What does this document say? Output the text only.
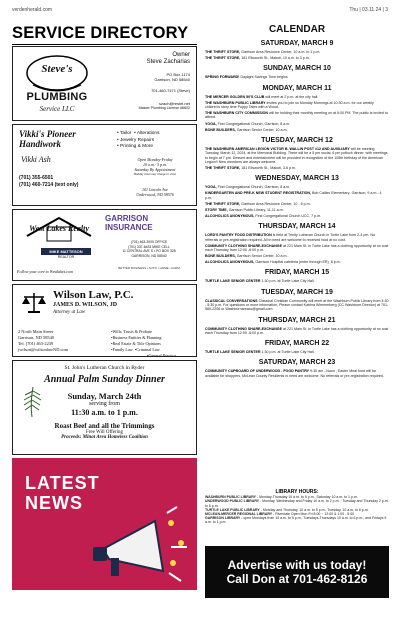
verdenherald.com	Thu | 03.11.24 | 3
SERVICE DIRECTORY
Steve's
PLUMBING
Service LLC
Owner
Steve Zacharias
PO Box 1174
Garrison, ND 58540
701-460-7471 (Steve)
szach@restel.net
Master Plumbing License #6602
Vikki's Pioneer Handiwork
Vikki Ash
(701) 355-6501
(701) 460-7214 (text only)
• Tailor  • Alterations
• Jewelry Repairs
• Printing & More
Open Monday-Friday
10 a.m.- 5 p.m.
Saturday By Appointment
Holiday times may change or close
101 Lincoln Ave
Underwood, ND 58576
West Lakes Realty
MIKE MATTESON
REALTOR
Follow your core to Westlakes.com
GARRISON INSURANCE
(701) 463-2000 OFFICE
(701) 337-6433 MIKE CELL
11 CENTRAL AVE S • PO BOX 328
GARRISON, ND 58540
BETTER BUSINESS • AUTO • HOME • FARM
Wilson Law, P.C.
JAMES D. WILSON, JD
Attorney at Law
2 North Main Street
Garrison, ND 58540
Tel. (701) 463-2239
jwilson@wilsonlawND.com
•Wills, Trusts & Probate
•Business Entities & Planning
•Real Estate & Title Opinions
•Family Law  •Criminal Law
•General Practice
St. John's Lutheran Church in Ryder
Annual Palm Sunday Dinner
Sunday, March 24th
serving from
11:30 a.m. to 1 p.m.
Roast Beef and all the Trimmings
Free Will Offering
Proceeds: Minot Area Homeless Coalition
LATEST
NEWS
CALENDAR
SATURDAY, MARCH 9
THE THRIFT STORE, Garrison Area Resource Center, 10 a.m. to 1 p.m.
THE THRIFT STORE, 181 Ellsworth St., Makoti, 10 a.m. to 3 p.m.
SUNDAY, MARCH 10
SPRING FORWARD! Daylight Savings Time begins
MONDAY, MARCH 11
THE MERCER GOLDEN 50'S CLUB will meet at 2 p.m. at the city hall.
THE WASHBURN PUBLIC LIBRARY invites you to join us Monday Mornings at 10:30 a.m. for our weekly children's story time Puppy Tales with a Wood.
THE WASHBURN CITY COMMISSION will be holding their monthly meeting on at 6:00 PM. The public is invited to attend.
YOGA, First Congregational Church, Garrison, 8 a.m.
BONE BUILDERS, Garrison Senior Center, 10 a.m.
TUESDAY, MARCH 12
THE WASHBURN AMERICAN LEGION VICTOR B. WALLIN POST #12 AND AUXILIARY will be meeting Tuesday, March 12, 2024, at the Memorial Building. There will be a 5 pm social, 6 pm potluck dinner, with meetings to begin at 7 pm. Dessert and entertainment will be provided in recognition of the 105th birthday of the American Legion!! New members are always welcome.
THE THRIFT STORE, 181 Ellsworth St., Makoti, 3-6 p.m.
WEDNESDAY, MARCH 13
YOGA, First Congregational Church, Garrison, 8 a.m.
KINDERGARTEN AND PRE-K NEW STUDENT REGISTRATION, Bob Callies Elementary- Garrison, 9 a.m.- 4 p.m.
THE THRIFT STORE, Garrison Area Resource Center, 10 - 6 p.m.
STORY TIME, Garrison Public Library, 11-11 a.m.
ALCOHOLICS ANONYMOUS, First Congregational Church UCC, 7 p.m.
THURSDAY, MARCH 14
LORD'S PANTRY FOOD DISTRIBUTION is held at Trinity Lutheran Church in Turtle Lake from 2-4 pm. No referrals or pre-registration required. All in need are welcome to received food at no cost.
COMMUNITY CLOTHING SHARE-EXCHANGE at 221 Main St. in Turtle Lake has a clothing opportunity at no cost each Thursday from 12:00 -6:00 p.m.
BONE BUILDERS, Garrison Senior Center, 10 a.m.
ALCOHOLICS ANONYMOUS, Garrison Hospital cafeteria (enter through ER), 8 p.m.
FRIDAY, MARCH 15
TURTLE LAKE SENIOR CENTER 1:30 p.m. at Turtle Lake City Hall.
TUESDAY, MARCH 19
CLASSICAL CONVERSATIONS Classical Christian Community will meet at the Washburn Public Library from 4:30 - 5:30 p.m. For questions or more information, Please contact Katrina Wimmerberg (CC Washburn Director) at 701-989-2206 or Washburnareacc@gmail.com
THURSDAY, MARCH 21
COMMUNITY CLOTHING SHARE-EXCHANGE at 221 Main St. in Turtle Lake has a clothing opportunity at no cost each Thursday from 12:00 -6:00 p.m.
FRIDAY, MARCH 22
TURTLE LAKE SENIOR CENTER 1:30 p.m. at Turtle Lake City Hall.
SATURDAY, MARCH 23
COMMUNITY CUPBOARD OF UNDERWOOD - FOOD PANTRY 9:30 am - Noon ; Easter Meal food will be available for shoppers. McLean County Residents in need are welcome. No referrals or pre-registration required.
LIBRARY HOURS:
WASHBURN PUBLIC LIBRARY - Monday-Thursday 10 a.m. to 6 p.m., Saturday 10 a.m. to 1 p.m.
UNDERWOOD PUBLIC LIBRARY - Monday, Wednesday and Friday 10 a.m. to 2 p.m. ; Tuesday and Thursday 2 p.m. to 6 p.m.
TURTLE LAKE PUBLIC LIBRARY - Monday and Thursday, 10 a.m. to 5 p.m.; Tuesday, 10 a.m. to 6 p.m.
MCLEAN-MERCER REGIONAL LIBRARY - Riverdale Open Mon-Fri 8:00 ~ 12:00 & 1:00 - 5:00
GARRISON LIBRARY - open Mondays from 10 a.m. to 5 p.m., Tuesdays-Thursdays 10 a.m. to 6 p.m., and Fridays 9 a.m. to 1 p.m.
Advertise with us today!
Call Don at 701-462-8126
